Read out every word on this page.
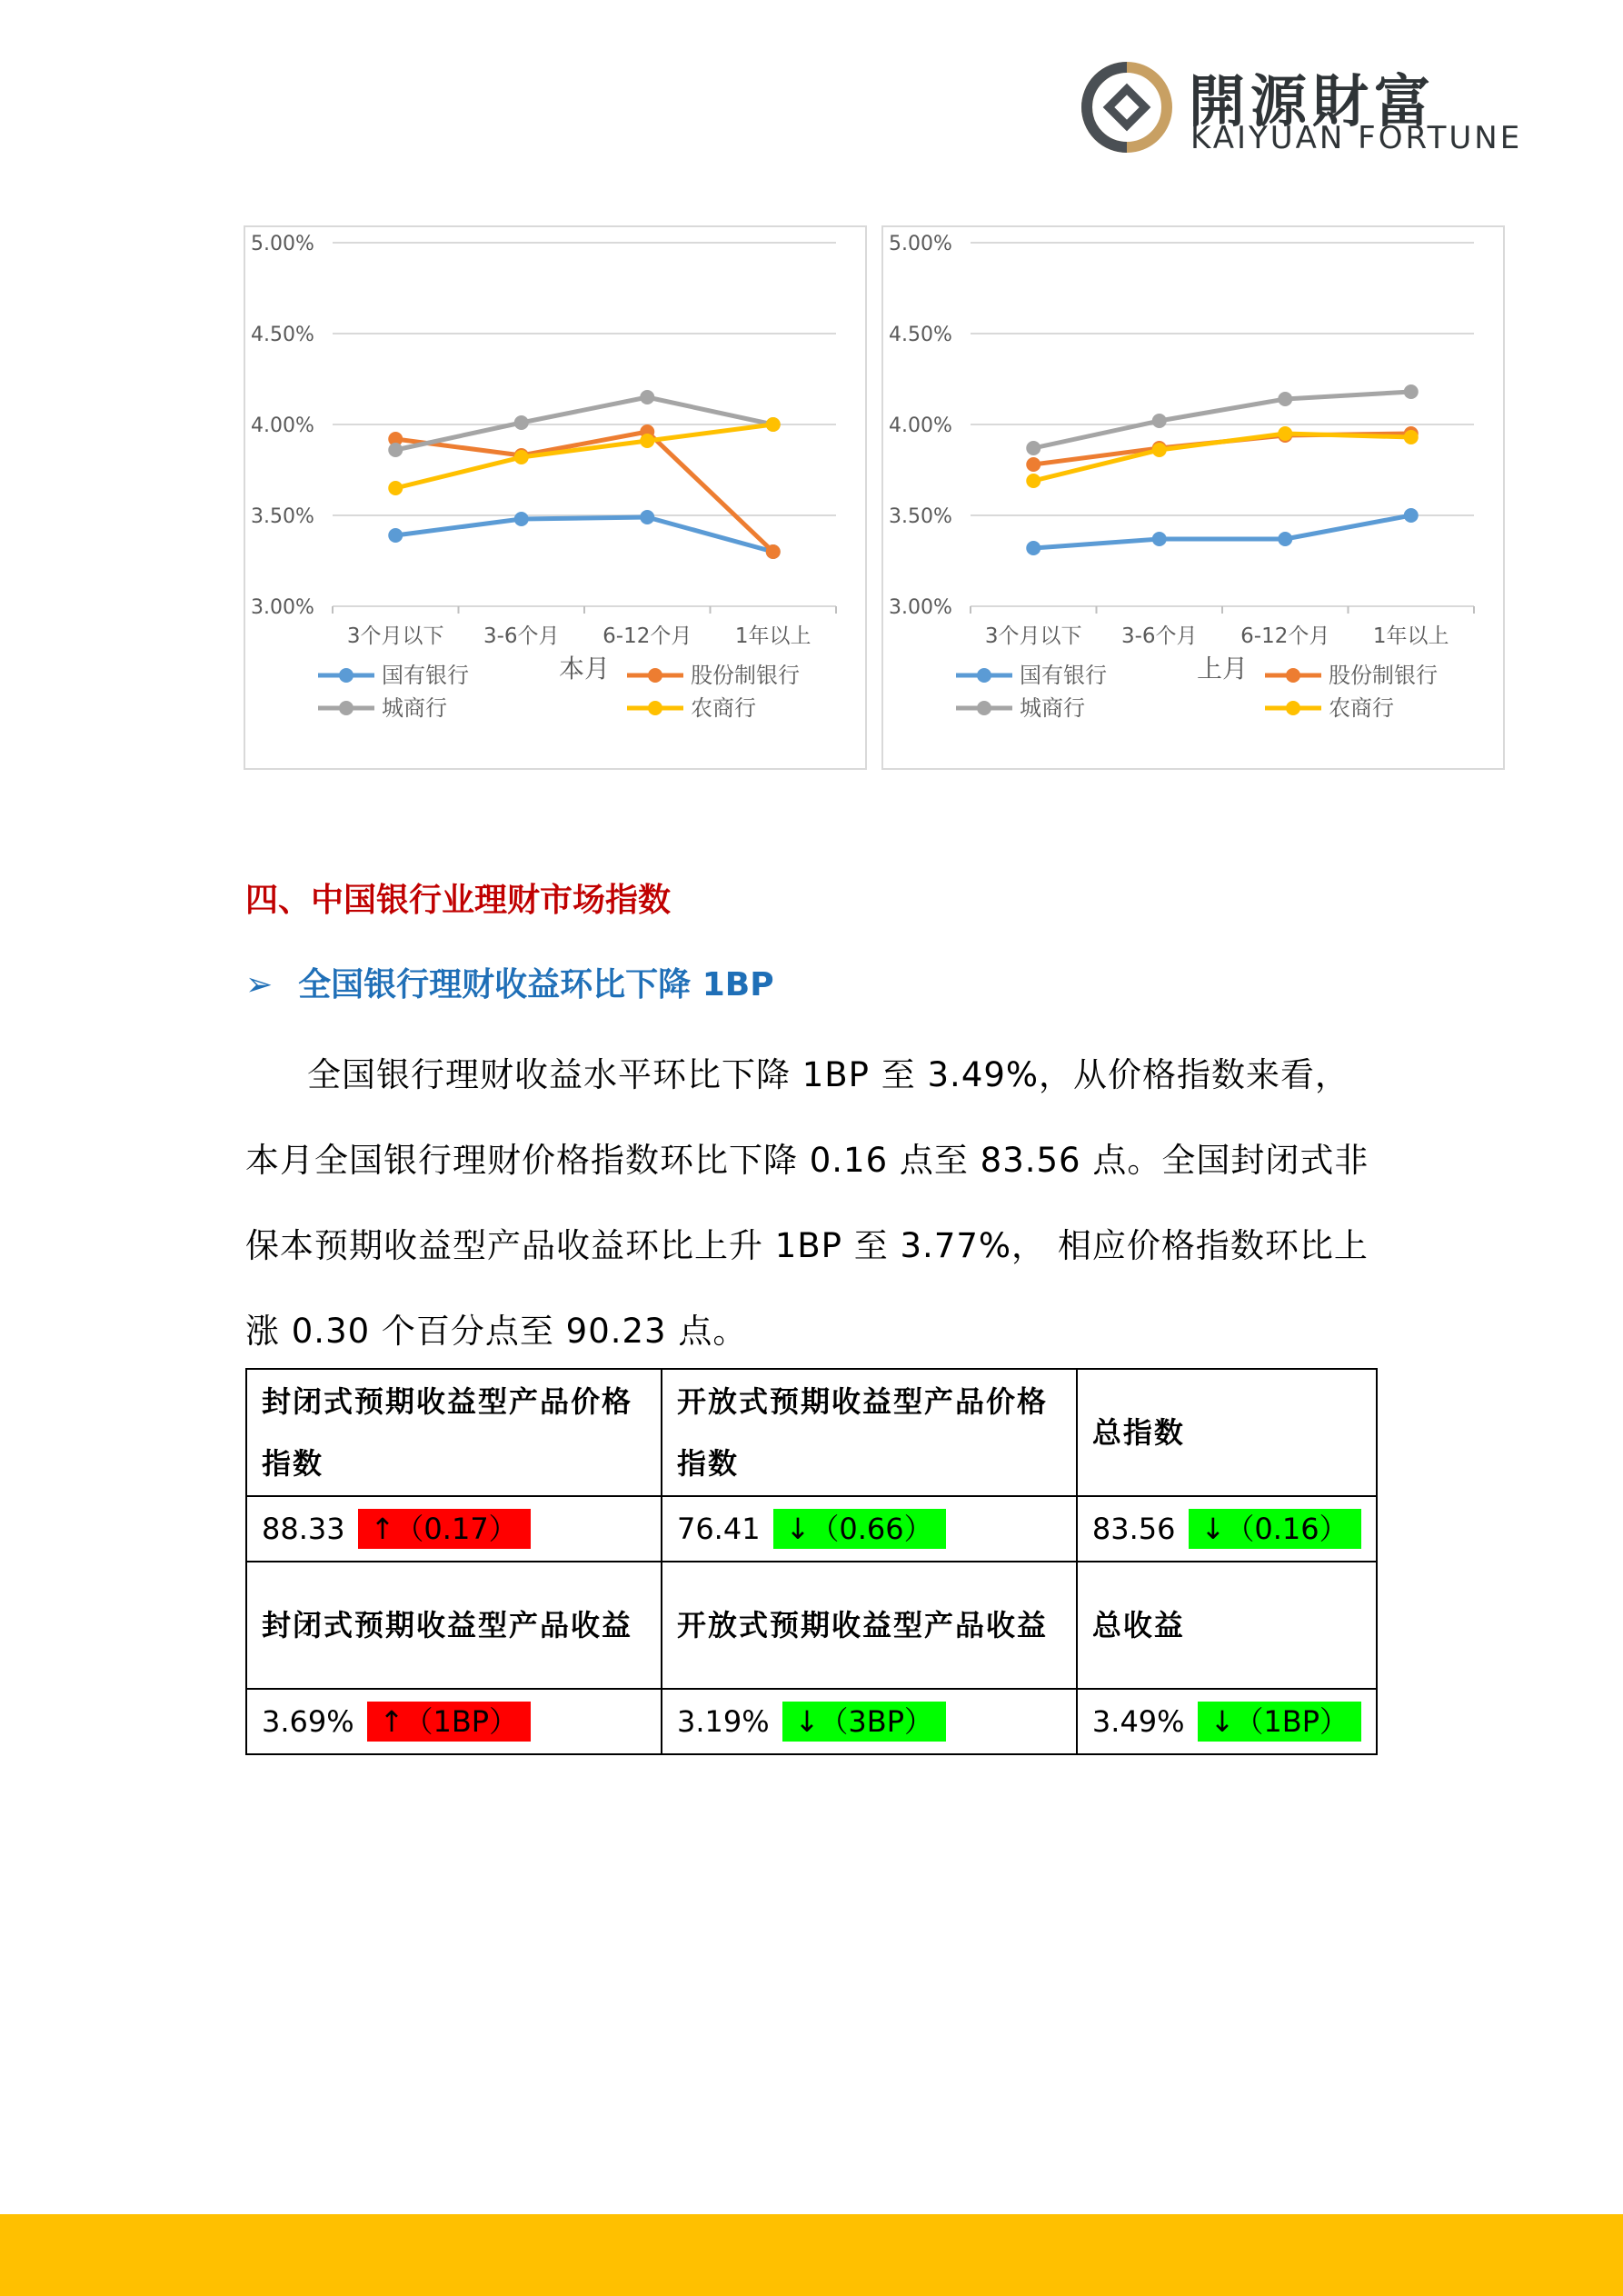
開源財富
KAIYUAN FORTUNE
5.00%
4.50%
4.00%
3.50%
3.00%
3个月以下 3-6个月 6-12个月 1年以上
本月
国有银行	股份制银行
城商行	农商行
5.00%
4.50%
4.00%
3.50%
3.00%
3个月以下 3-6个月 6-12个月 1年以上
上月
国有银行	股份制银行
城商行	农商行
四、中国银行业理财市场指数
➢ 全国银行理财收益环比下降 1BP
全国银行理财收益水平环比下降 1BP 至 3.49%，从价格指数来看，本月全国银行理财价格指数环比下降 0.16 点至 83.56 点。全国封闭式非保本预期收益型产品收益环比上升 1BP 至 3.77%， 相应价格指数环比上涨 0.30 个百分点至 90.23 点。
封闭式预期收益型产品价格指数	开放式预期收益型产品价格指数	总指数
88.33 ↑（0.17）	76.41 ↓（0.66）	83.56 ↓（0.16）
封闭式预期收益型产品收益	开放式预期收益型产品收益	总收益
3.69% ↑（1BP）	3.19% ↓（3BP）	3.49% ↓（1BP）
